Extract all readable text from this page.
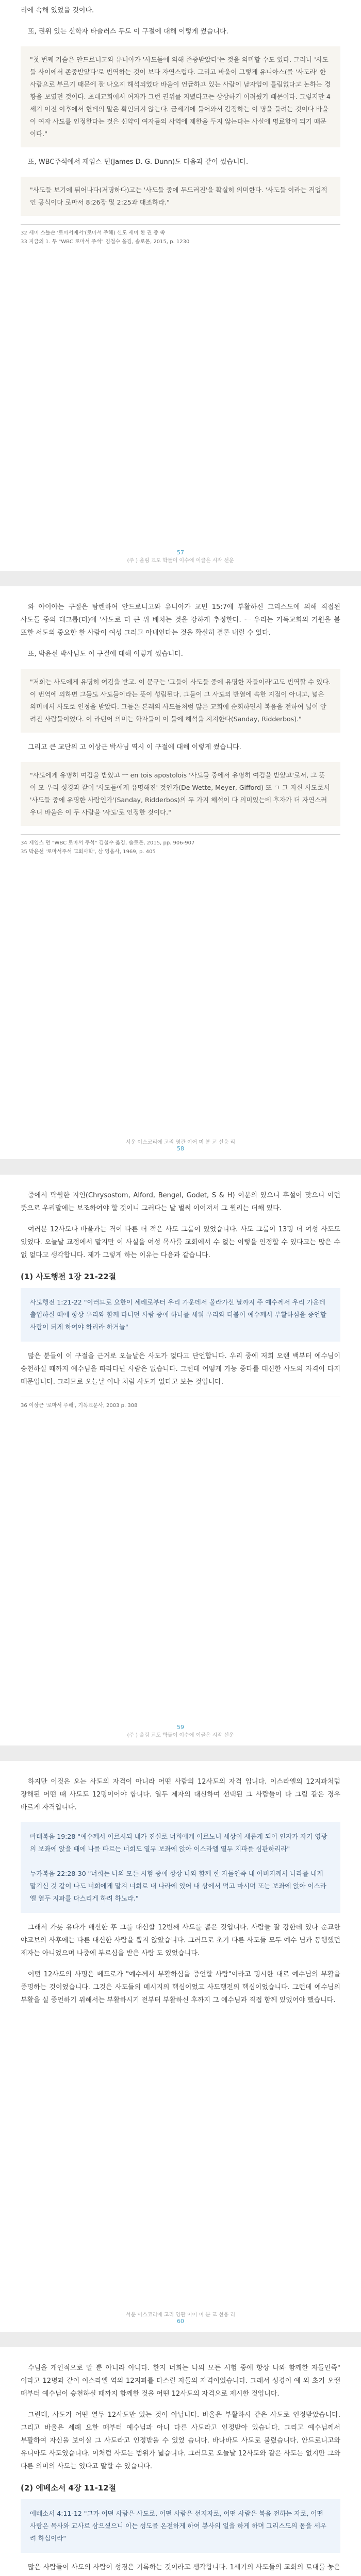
리에 속해 있었을 것이다.

또, 권위 있는 신학자 타슬러스 두도 이 구절에 대해 이렇게 썼습니다.

"첫 번째 기술은 안드로니고와 유니아가 '사도들에 의해 존중받았다'는 것을 의미할 수도 있다. 그러나 '사도들 사이에서 존중받았다'로 번역하는 것이 보다 자연스럽다. 그리고 바울이 그렇게 유니아스(를 '사도라' 한 사람으로 부르기 때문에 잘 나오지 해석되었다 바울이 언급하고 있는 사람이 남자임이 틀림없다고 논하는 경향을 보였던 것이다. 초대교회에서 여자가 그런 권위를 지녔다고는 상상하기 어려웠기 때문이다. 그렇지만 4세기 이전 이후에서 헌데의 말은 확인되지 않는다. 금세기에 들어와서 감정하는 이 명을 들려는 것이다 바울이 여자 사도를 인정한다는 것은 신약이 여자들의 사역에 제한을 두지 않는다는 사실에 명료함이 되기 때문이다."

또, WBC주석에서 제임스 던(James D. G. Dunn)도 다음과 같이 썼습니다.

"사도들 보기에 뛰어나다(저명하다)고는 '사도들 중에 두드러진'을 확실히 의미한다. '사도들 이라는 직업적인 공식이다 로마서 8:26장 및 2:25과 대조하라."
32 세미 스톨슨 '로마서에서'(로마서 주해) 신도 세미 한 권 중 쪽
33 지금의 1. 두 "WBC 로마서 주석" 김철수 옮김, 솔로몬, 2015, p. 1230
57
(주 ) 올림 교도 학들이 이수에 이글은 시작 선운

와 아이아는 구절은 탐렌하여 안드로니고와 유니아가 교민 15:7에 부활하신 그리스도에 의해 직접된 사도들 중의 대그룹(더)에 '사도로 더 큰 위 배치는 것을 강하게 추정한다. ㅡ 우리는 기독교회의 기원을 볼 또한 서도의 중요한 한 사람이 여성 그러고 아내인다는 것을 확실히 결론 내릴 수 있다.

또, 박윤선 박사님도 이 구절에 대해 이렇게 썼습니다.

"저희는 사도에게 유명히 여김을 받고. 이 문구는 '그들이 사도들 중에 유명한 자들이라'고도 번역할 수 있다. 이 번역에 의하면 그들도 사도들이라는 뜻이 성립된다. 그들이 그 사도의 반열에 속한 지점이 아니고, 넓은 의미에서 사도로 인정을 받았다. 그들은 본래의 사도들처럼 많은 교회에 순회하면서 복음을 전하여 넓이 알려진 사람들이었다. 이 라틴어 의미는 학자들이 이 들에 해석을 지지한다(Sanday, Ridderbos)."

그리고 큰 교단의 고 이상근 박사님 역시 이 구절에 대해 이렇게 썼습니다.

"사도에게 유명히 여김을 받았고 ㅡ en tois apostolois '사도들 중에서 유명히 여김을 받았고'로서, 그 뜻이 모 우리 성경과 같이 '사도들에게 유명해진' 것인가(De Wette, Meyer, Gifford) 또 ㄱ 그 자신 사도로서 '사도들 중에 유명한 사람인가'(Sanday, Ridderbos)의 두 가지 해석이 다 의미있는데 후자가 더 자연스러우니 바울은 이 두 사람을 '사도'로 인정한 것이다."
34 제임스 던 "WBC 로마서 주석" 김철수 옮김, 솔로몬, 2015, pp. 906-907
35 박윤선 '로마서주석 교회사학', 삼 영음사, 1969, p. 405
서운 이스코리에 고리 영관 이어 미 분 교 선웅 리
58

중에서 탁월한 지인(Chrysostom, Alford, Bengel, Godet, S & H) 이분의 있으니 후설이 맞으니 이런 뜻으로 우리말에는 보조하여야 할 것이니 그러다는 날 벌써 이어져서 그 월리는 더해 있다.

여러분 12사도나 바울과는 격이 다른 더 적은 사도 그룹이 있었습니다. 사도 그룹이 13명 더 여성 사도도 있었다. 오늘날 교정에서 맡지만 이 사실을 여성 목사를 교회에서 수 없는 이렇을 인정할 수 있다고는 많은 수 없 없다고 생각합니다. 제가 그렇게 하는 이유는 다음과 같습니다.

(1) 사도행전 1장 21-22절
사도행전 1:21-22 "이러므로 요한이 세례로부터 우리 가운데서 올라가신 날까지 주 예수께서 우리 가운데 출입하실 때에 항상 우리와 함께 다니던 사람 중에 하나를 세워 우리와 더불어 예수께서 부활하심을 증언할 사람이 되게 하여야 하리라 하거늘"

많은 분들이 이 구절을 근거로 오늘날은 사도가 없다고 단언합니다. 우리 중에 저희 오랜 백부터 예수님이 승천하실 때까지 예수님을 따라다닌 사람은 없습니다. 그런데 어떻게 가능 중다를 대신한 사도의 자격이 다지 때문입니다. 그러므로 오늘날 이나 처럼 사도가 없다고 보는 것입니다.

36 이상근 '로마서 주해', 기독교문사, 2003 p. 308
59
(주 ) 올림 교도 학들이 이수에 이글은 시작 선운

하지만 이것은 오는 사도의 자격이 아니라 어떤 사람의 12사도의 자격 입니다. 이스라엘의 12지파처럼 장해된 어떤 때 사도도 12명이어야 합니다. 열두 제자의 대신하여 선택된 그 사람들이 다 그림 같은 경우 바르게 자격입니다.

마태복음 19:28 "예수께서 이르시되 내가 진실로 너희에게 이르노니 세상이 새롭게 되어 인자가 자기 영광의 보좌에 앉을 때에 나를 따르는 너희도 열두 보좌에 앉아 이스라엘 열두 지파를 심판하리라"

누가복음 22:28-30 "너희는 나의 모든 시험 중에 항상 나와 함께 한 자들인즉 내 아버지께서 나라를 내게 맡기신 것 같이 나도 너희에게 맡겨 너희로 내 나라에 있어 내 상에서 먹고 마시며 또는 보좌에 앉아 이스라엘 열두 지파를 다스리게 하려 하노라."

그래서 가룟 유다가 배신한 후 그를 대신할 12번째 사도를 뽑은 것입니다. 사람들 잘 강한데 있나 순교한 야고보의 사후에는 다른 대신한 사람을 뽑지 않았습니다. 그러므로 초기 다른 사도들 모두 예수 님과 동행했던 제자는 아니었으며 나중에 부르심을 받은 사람 도 있었습니다.

어떤 12사도의 사명은 베드로가 "예수께서 부활하심을 증언할 사람"이라고 명시한 대로 예수님의 부활을 증명하는 것이었습니다. 그것은 사도들의 메시지의 핵심이었고 사도행전의 핵심이었습니다. 그런데 예수님의 부활을 실 증언하기 위해서는 부활하시기 전부터 부활하신 후까지 그 예수님과 직접 함께 있었어야 했습니다.

서운 이스코리에 고리 영관 이어 미 분 교 선웅 리
60

수님을 개인적으로 알 뿐 아니라 아니다. 한지 너희는 나의 모든 시험 중에 항상 나와 함께한 자들인즉" 이라고 12명과 같이 이스라엘 역의 12지파를 다스릴 자들의 자격이었습니다. 그래서 성경이 예 외 초기 오랜 때부터 예수님이 승천하실 때까지 함께한 것을 어떤 12사도의 자격으로 제시한 것입니다.

그런데, 사도가 어떤 열두 12사도만 있는 것이 아닙니다. 바울은 부활하시 같은 사도로 인정받았습니다. 그리고 바울은 세례 요한 때부터 예수님과 아니 다른 사도라고 인정받아 있습니다. 그리고 예수님께서 부활하여 자신을 보이실 그 사도라고 인정받을 수 있었 습니다. 바나바도 사도로 불렸습니다. 안드로니고와 유니아도 사도였습니다. 이처럼 사도는 범위가 넓습니다. 그러므로 오늘날 12사도와 같은 사도는 없지만 그와 다른 의미의 사도는 있다고 말할 수 있습니다.

(2) 에베소서 4장 11-12절
에베소서 4:11-12 "그가 어떤 사람은 사도로, 어떤 사람은 선지자로, 어떤 사람은 복음 전하는 자로, 어떤 사람은 목사와 교사로 삼으셨으니 이는 성도를 온전하게 하여 봉사의 일을 하게 하며 그리스도의 몸을 세우려 하심이라"

많은 사람들이 사도의 사람이 성경은 기록하는 것이라고 생각합니다. 1세기의 사도들의 교회의 토대를 놓은
